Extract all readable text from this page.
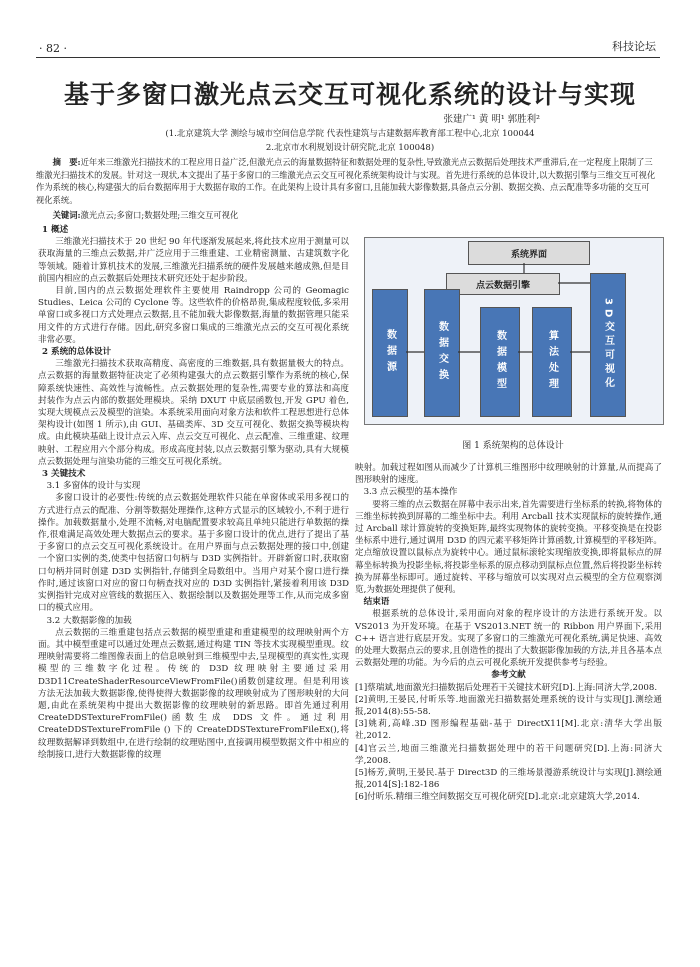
· 82 ·	科技论坛
基于多窗口激光点云交互可视化系统的设计与实现
张建广¹ 黄 明¹ 郭胜利²
(1.北京建筑大学 测绘与城市空间信息学院 代表性建筑与古建数据库教育部工程中心,北京 100044
2.北京市水利规划设计研究院,北京 100048)
摘　要:近年来三维激光扫描技术的工程应用日益广泛,但激光点云的海量数据特征和数据处理的复杂性,导致激光点云数据后处理技术严重滞后,在一定程度上限制了三维激光扫描技术的发展。针对这一现状,本文提出了基于多窗口的三维激光点云交互可视化系统架构设计与实现。首先进行系统的总体设计,以大数据引擎与三维交互可视化作为系统的核心,构建强大的后台数据库用于大数据存取的工作。在此架构上设计具有多窗口,且能加载大影像数据,具备点云分割、数据交换、点云配准等多功能的交互可视化系统。
关键词:激光点云;多窗口;数据处理;三维交互可视化

1 概述

三维激光扫描技术于 20 世纪 90 年代逐渐发展起来,将此技术应用于测量可以获取海量的三维点云数据,并广泛应用于三维重建、工业精密测量、古建筑数字化等领域。随着计算机技术的发展,三维激光扫描系统的硬件发展越来越成熟,但是目前国内相应的点云数据后处理技术研究还处于起步阶段。

目前,国内的点云数据处理软件主要使用 Raindropp 公司的 Geomagic Studies、Leica 公司的 Cyclone 等。这些软件的价格昂贵,集成程度较低,多采用单窗口或多视口方式处理点云数据,且不能加载大影像数据,海量的数据管理只能采用文件的方式进行存储。因此,研究多窗口集成的三维激光点云的交互可视化系统非常必要。

2 系统的总体设计

三维激光扫描技术获取高精度、高密度的三维数据,具有数据量极大的特点。点云数据的海量数据特征决定了必须构建强大的点云数据引擎作为系统的核心,保障系统快速性、高效性与流畅性。点云数据处理的复杂性,需要专业的算法和高度封装作为点云内部的数据处理模块。采纳 DXUT 中底层函数包,开发 GPU 着色,实现大规模点云及模型的渲染。本系统采用面向对象方法和软件工程思想进行总体架构设计(如图 1 所示),由 GUI、基础类库、3D 交互可视化、数据交换等模块构成。由此模块基础上设计点云入库、点云交互可视化、点云配准、三维重建、纹理映射、工程应用六个部分构成。形成高度封装,以点云数据引擎为驱动,具有大规模点云数据处理与渲染功能的三维交互可视化系统。

3 关键技术

3.1 多窗体的设计与实现

多窗口设计的必要性:传统的点云数据处理软件只能在单窗体或采用多视口的方式进行点云的配准、分割等数据处理操作,这种方式显示的区域较小,不利于进行操作。加载数据量小,处理不流畅,对电脑配置要求较高且单纯只能进行单数据的操作,很难满足高效处理大数据点云的要求。基于多窗口设计的优点,进行了提出了基于多窗口的点云交互可视化系统设计。在用户界面与点云数据处理的接口中,创建一个窗口实例的类,使类中包括窗口句柄与 D3D 实例指针。开辟新窗口时,获取窗口句柄并同时创建 D3D 实例指针,存储到全局数组中。当用户对某个窗口进行操作时,通过该窗口对应的窗口句柄查找对应的 D3D 实例指针,紧接着利用该 D3D 实例指针完成对应管线的数据压入、数据绘制以及数据处理等工作,从而完成多窗口的模式应用。

3.2 大数据影像的加载

点云数据的三维重建包括点云数据的模型重建和重建模型的纹理映射两个方面。其中模型重建可以通过处理点云数据,通过构建 TIN 等技术实现模型重现。纹理映射需要将二维图像表面上的信息映射到三维模型中去,呈现模型的真实性,实现模型的三维数字化过程。传统的 D3D 纹理映射主要通过采用 D3D11CreateShaderResourceViewFromFile()函数创建纹理。但是利用该方法无法加载大数据影像,使得使得大数据影像的纹理映射成为了图形映射的大问题,由此在系统架构中提出大数据影像的纹理映射的新思路。即首先通过利用 CreateDDSTextureFromFile()函数生成 DDS 文件。通过利用 CreateDDSTextureFromFile () 下的 CreateDDSTextureFromFileEx(),将纹理数据解译到数组中,在进行绘制的纹理贴图中,直接调用模型数据文件中相应的绘制接口,进行大数据影像的纹理

系统界面
点云数据引擎
数据源	数据交换	数据模型	算法处理	3D交互可视化
图 1 系统架构的总体设计

映射。加载过程如图从而减少了计算机三维图形中纹理映射的计算量,从而提高了图形映射的速度。

3.3 点云模型的基本操作

要将三维的点云数据在屏幕中表示出来,首先需要进行坐标系的转换,将物体的三维坐标转换到屏幕的二维坐标中去。利用 Arcball 技术实现鼠标的旋转操作,通过 Arcball 球计算旋转的变换矩阵,最终实现物体的旋转变换。平移变换是在投影坐标系中进行,通过调用 D3D 的四元素平移矩阵计算函数,计算模型的平移矩阵。定点缩放设置以鼠标点为旋转中心。通过鼠标滚轮实现缩放变换,即将鼠标点的屏幕坐标转换为投影坐标,将投影坐标系的原点移动到鼠标点位置,然后将投影坐标转换为屏幕坐标即可。通过旋转、平移与缩放可以实现对点云模型的全方位观察浏览,为数据处理提供了便利。

结束语

根据系统的总体设计,采用面向对象的程序设计的方法进行系统开发。以 VS2013 为开发环境。在基于 VS2013.NET 统一的 Ribbon 用户界面下,采用 C++ 语言进行底层开发。实现了多窗口的三维激光可视化系统,满足快速、高效的处理大数据点云的要求,且创造性的提出了大数据影像加载的方法,并且各基本点云数据处理的功能。为今后的点云可视化系统开发提供参考与经验。

参考文献

[1]蔡瑞斌,地面激光扫描数据后处理若干关键技术研究[D].上海:同济大学,2008.

[2]黄明,王晏民,付昕乐等.地面激光扫描数据处理系统的设计与实现[J].测绘通报,2014(8):55-58.

[3]姚莉,高峰.3D 图形编程基础-基于 DirectX11[M].北京:清华大学出版社,2012.

[4]官云兰,地面三维激光扫描数据处理中的若干问题研究[D].上海:同济大学,2008.

[5]杨芳,黄明,王晏民.基于 Direct3D 的三维场景漫游系统设计与实现[J].测绘通报,2014[S]:182-186

[6]付昕乐.精细三维空间数据交互可视化研究[D].北京:北京建筑大学,2014.
